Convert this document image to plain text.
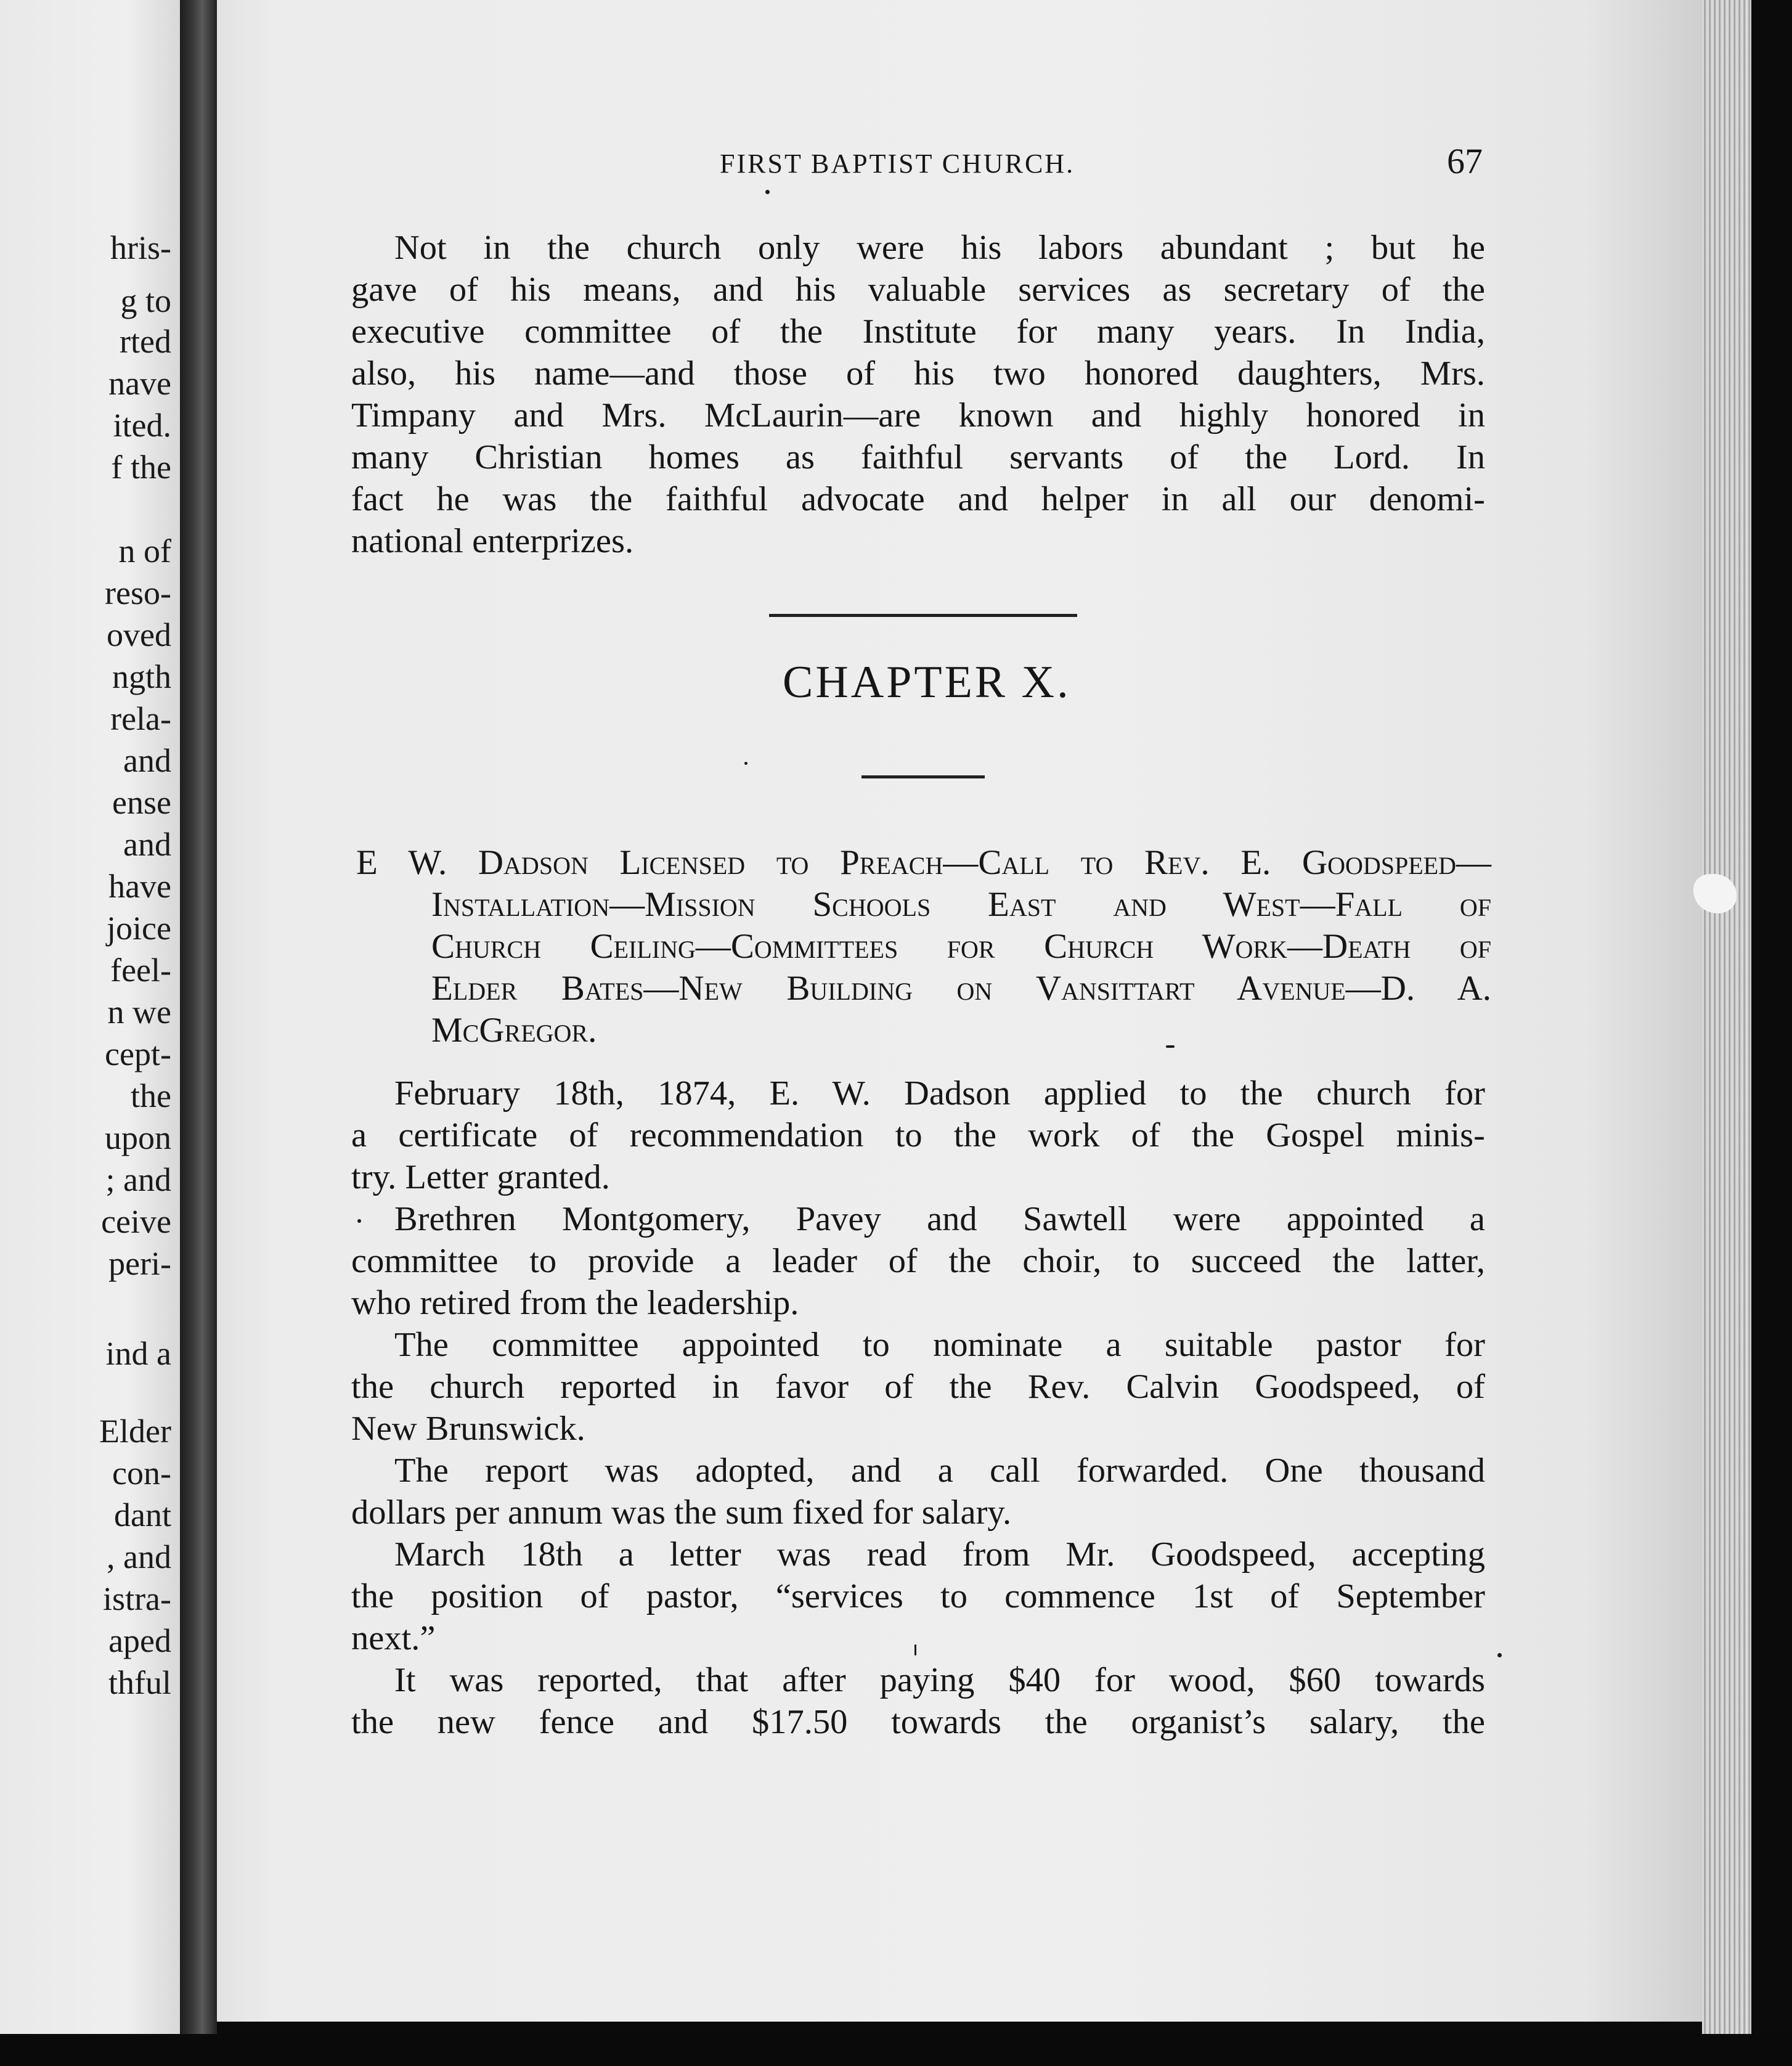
hris-
g to
rted
nave
ited.
f the
n of
reso-
oved
ngth
rela-
and
ense
and
have
joice
feel-
n we
cept-
the
upon
; and
ceive
peri-
ind a
Elder
con-
dant
, and
istra-
aped
thful
FIRST BAPTIST CHURCH.	67
Not in the church only were his labors abundant ; but he
gave of his means, and his valuable services as secretary of the
executive committee of the Institute for many years. In India,
also, his name—and those of his two honored daughters, Mrs.
Timpany and Mrs. McLaurin—are known and highly honored in
many Christian homes as faithful servants of the Lord. In
fact he was the faithful advocate and helper in all our denomi-
national enterprizes.
CHAPTER X.
E W. Dadson Licensed to Preach—Call to Rev. E. Goodspeed—
Installation—Mission Schools East and West—Fall of
Church Ceiling—Committees for Church Work—Death of
Elder Bates—New Building on Vansittart Avenue—D. A.
McGregor.
February 18th, 1874, E. W. Dadson applied to the church for
a certificate of recommendation to the work of the Gospel minis-
try. Letter granted.
Brethren Montgomery, Pavey and Sawtell were appointed a
committee to provide a leader of the choir, to succeed the latter,
who retired from the leadership.
The committee appointed to nominate a suitable pastor for
the church reported in favor of the Rev. Calvin Goodspeed, of
New Brunswick.
The report was adopted, and a call forwarded. One thousand
dollars per annum was the sum fixed for salary.
March 18th a letter was read from Mr. Goodspeed, accepting
the position of pastor, “services to commence 1st of September
next.”
It was reported, that after paying $40 for wood, $60 towards
the new fence and $17.50 towards the organist’s salary, the
